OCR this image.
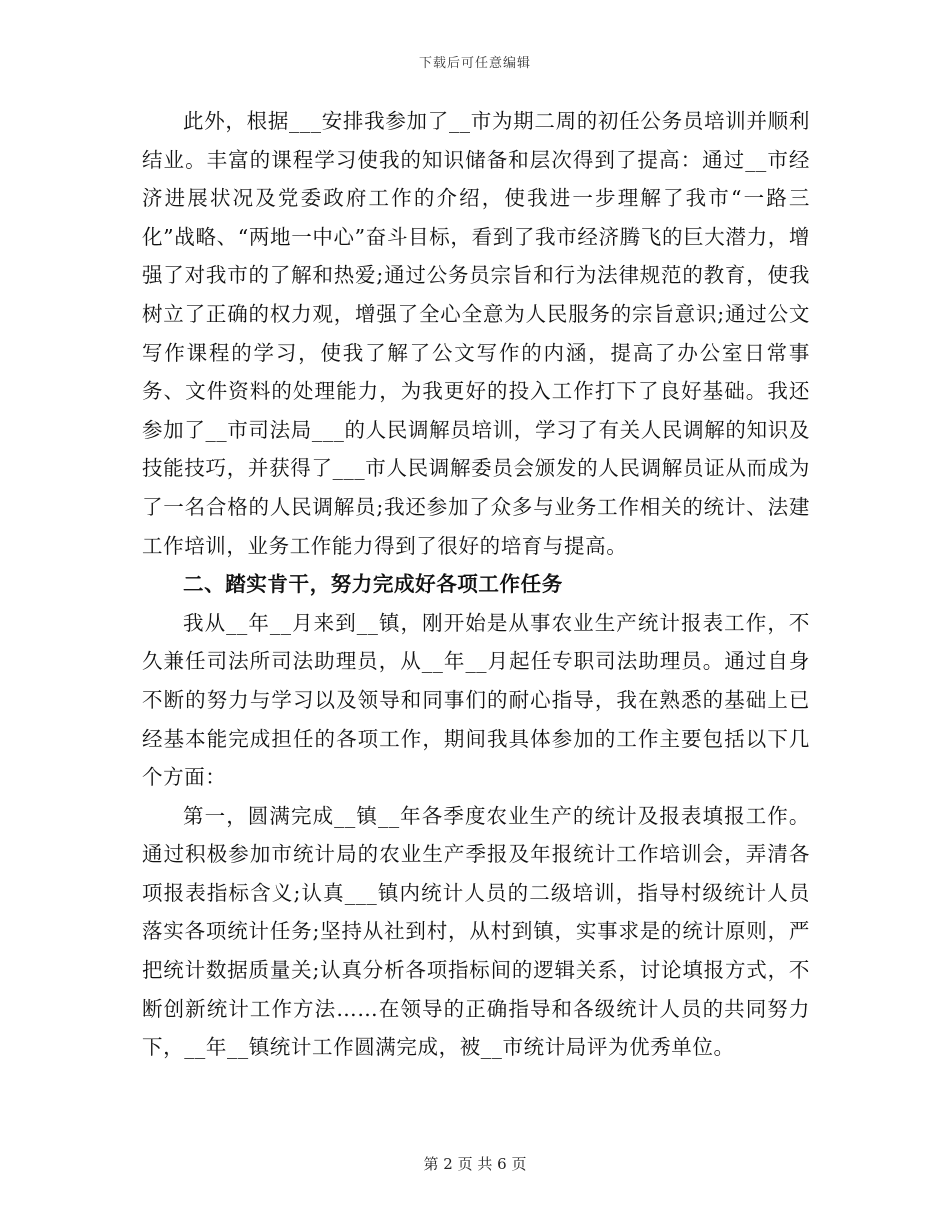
下载后可任意编辑

此外，根据___安排我参加了__市为期二周的初任公务员培训并顺利结业。丰富的课程学习使我的知识储备和层次得到了提高：通过__市经济进展状况及党委政府工作的介绍，使我进一步理解了我市“一路三化”战略、“两地一中心”奋斗目标，看到了我市经济腾飞的巨大潜力，增强了对我市的了解和热爱;通过公务员宗旨和行为法律规范的教育，使我树立了正确的权力观，增强了全心全意为人民服务的宗旨意识;通过公文写作课程的学习，使我了解了公文写作的内涵，提高了办公室日常事务、文件资料的处理能力，为我更好的投入工作打下了良好基础。我还参加了__市司法局___的人民调解员培训，学习了有关人民调解的知识及技能技巧，并获得了___市人民调解委员会颁发的人民调解员证从而成为了一名合格的人民调解员;我还参加了众多与业务工作相关的统计、法建工作培训，业务工作能力得到了很好的培育与提高。

二、踏实肯干，努力完成好各项工作任务

我从__年__月来到__镇，刚开始是从事农业生产统计报表工作，不久兼任司法所司法助理员，从__年__月起任专职司法助理员。通过自身不断的努力与学习以及领导和同事们的耐心指导，我在熟悉的基础上已经基本能完成担任的各项工作，期间我具体参加的工作主要包括以下几个方面：

第一，圆满完成__镇__年各季度农业生产的统计及报表填报工作。通过积极参加市统计局的农业生产季报及年报统计工作培训会，弄清各项报表指标含义;认真___镇内统计人员的二级培训，指导村级统计人员落实各项统计任务;坚持从社到村，从村到镇，实事求是的统计原则，严把统计数据质量关;认真分析各项指标间的逻辑关系，讨论填报方式，不断创新统计工作方法……在领导的正确指导和各级统计人员的共同努力下，__年__镇统计工作圆满完成，被__市统计局评为优秀单位。

第 2 页 共 6 页
